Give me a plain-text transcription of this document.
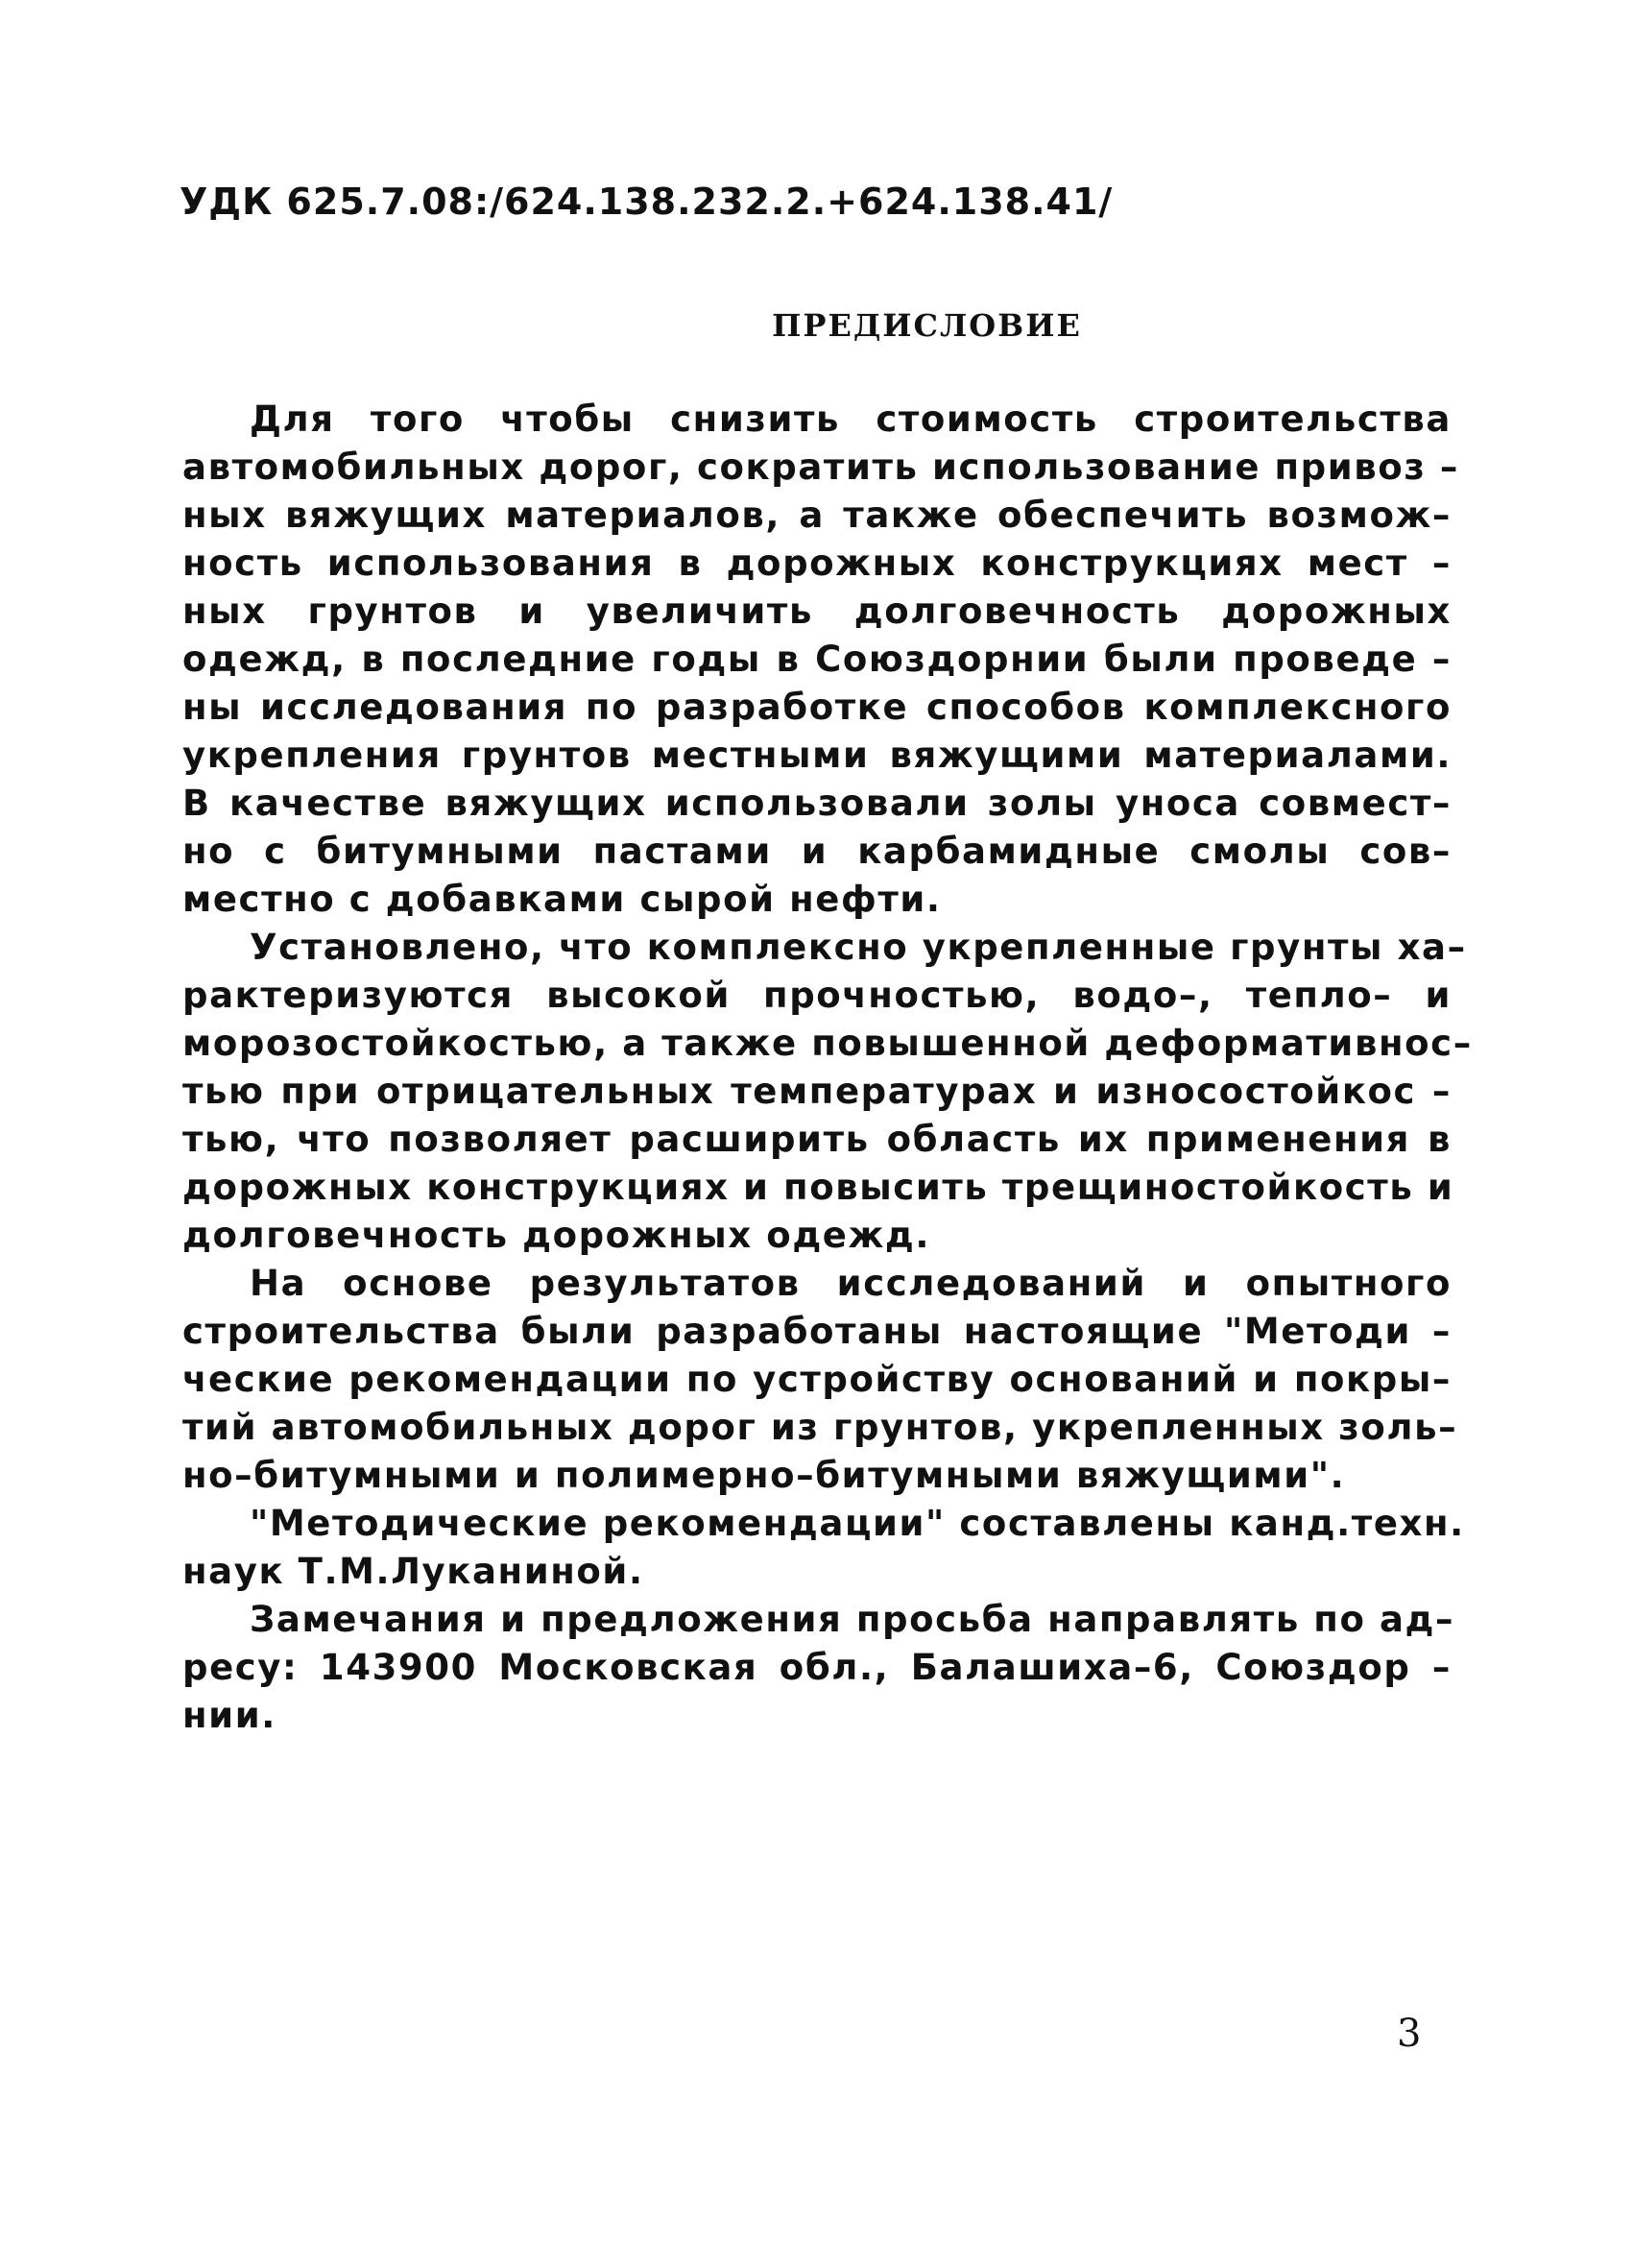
УДК 625.7.08:/624.138.232.2.+624.138.41/
ПРЕДИСЛОВИЕ
Для того чтобы снизить стоимость строительства
автомобильных дорог, сократить использование привоз –
ных вяжущих материалов, а также обеспечить возмож–
ность использования в дорожных конструкциях мест –
ных грунтов и увеличить долговечность дорожных
одежд, в последние годы в Союздорнии были проведе –
ны исследования по разработке способов комплексного
укрепления грунтов местными вяжущими материалами.
В качестве вяжущих использовали золы уноса совмест–
но с битумными пастами и карбамидные смолы сов–
местно с добавками сырой нефти.
Установлено, что комплексно укрепленные грунты ха–
рактеризуются высокой прочностью, водо–, тепло– и
морозостойкостью, а также повышенной деформативнос–
тью при отрицательных температурах и износостойкос –
тью, что позволяет расширить область их применения в
дорожных конструкциях и повысить трещиностойкость и
долговечность дорожных одежд.
На основе результатов исследований и опытного
строительства были разработаны настоящие "Методи –
ческие рекомендации по устройству оснований и покры–
тий автомобильных дорог из грунтов, укрепленных золь–
но–битумными и полимерно–битумными вяжущими".
"Методические рекомендации" составлены канд.техн.
наук Т.М.Луканиной.
Замечания и предложения просьба направлять по ад–
ресу: 143900 Московская обл., Балашиха–6, Союздор –
нии.
3
